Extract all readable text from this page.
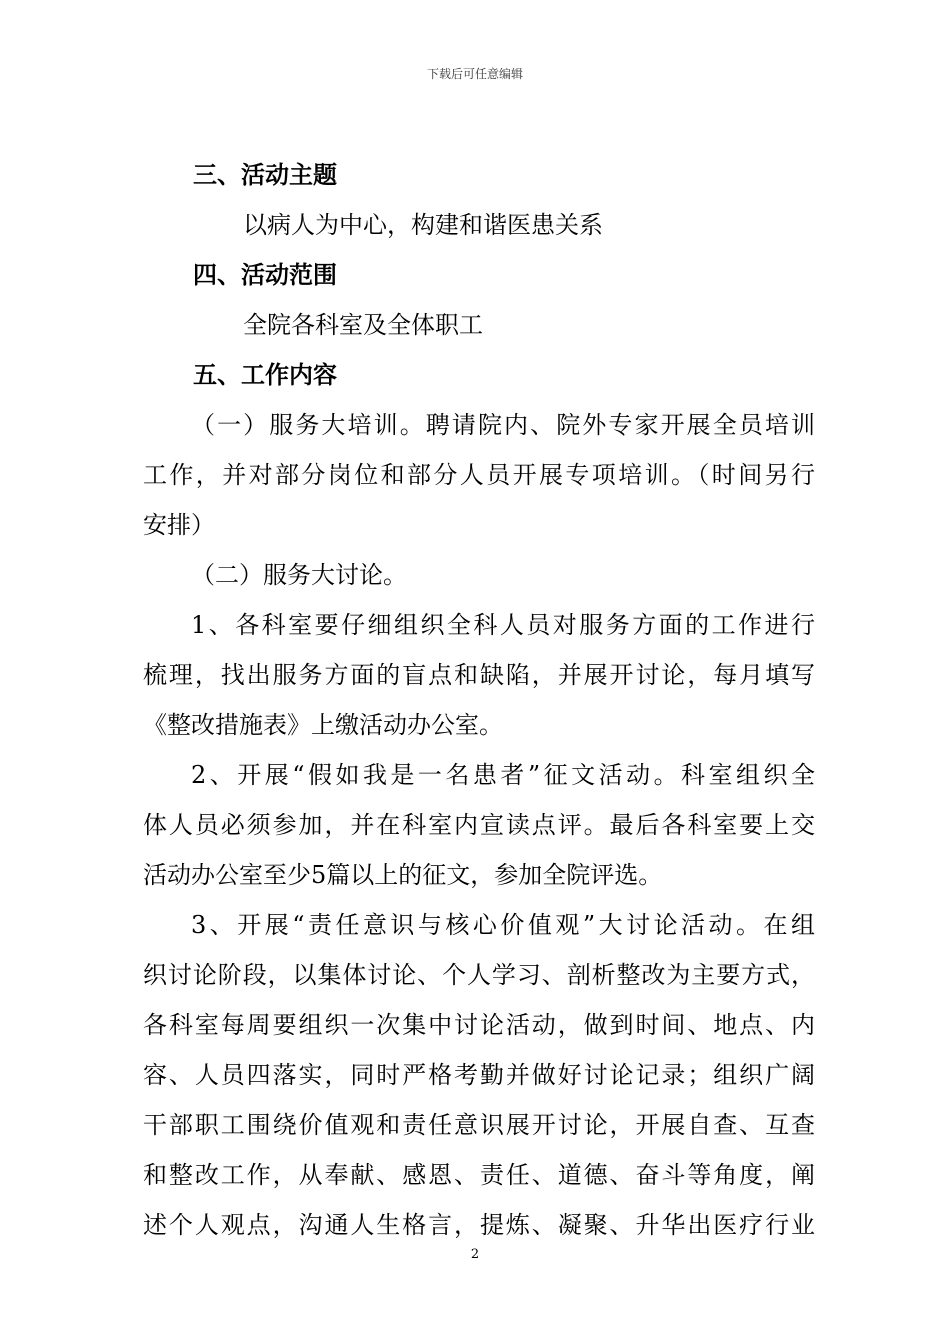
下载后可任意编辑
三、活动主题
以病人为中心，构建和谐医患关系
四、活动范围
全院各科室及全体职工
五、工作内容
（一）服务大培训。聘请院内、院外专家开展全员培训
工作，并对部分岗位和部分人员开展专项培训。（时间另行
安排）
（二）服务大讨论。
1、各科室要仔细组织全科人员对服务方面的工作进行
梳理，找出服务方面的盲点和缺陷，并展开讨论，每月填写
《整改措施表》上缴活动办公室。
2、开展“假如我是一名患者”征文活动。科室组织全
体人员必须参加，并在科室内宣读点评。最后各科室要上交
活动办公室至少5篇以上的征文，参加全院评选。
3、开展“责任意识与核心价值观”大讨论活动。在组
织讨论阶段，以集体讨论、个人学习、剖析整改为主要方式，
各科室每周要组织一次集中讨论活动，做到时间、地点、内
容、人员四落实，同时严格考勤并做好讨论记录；组织广阔
干部职工围绕价值观和责任意识展开讨论，开展自查、互查
和整改工作，从奉献、感恩、责任、道德、奋斗等角度，阐
述个人观点，沟通人生格言，提炼、凝聚、升华出医疗行业
2
